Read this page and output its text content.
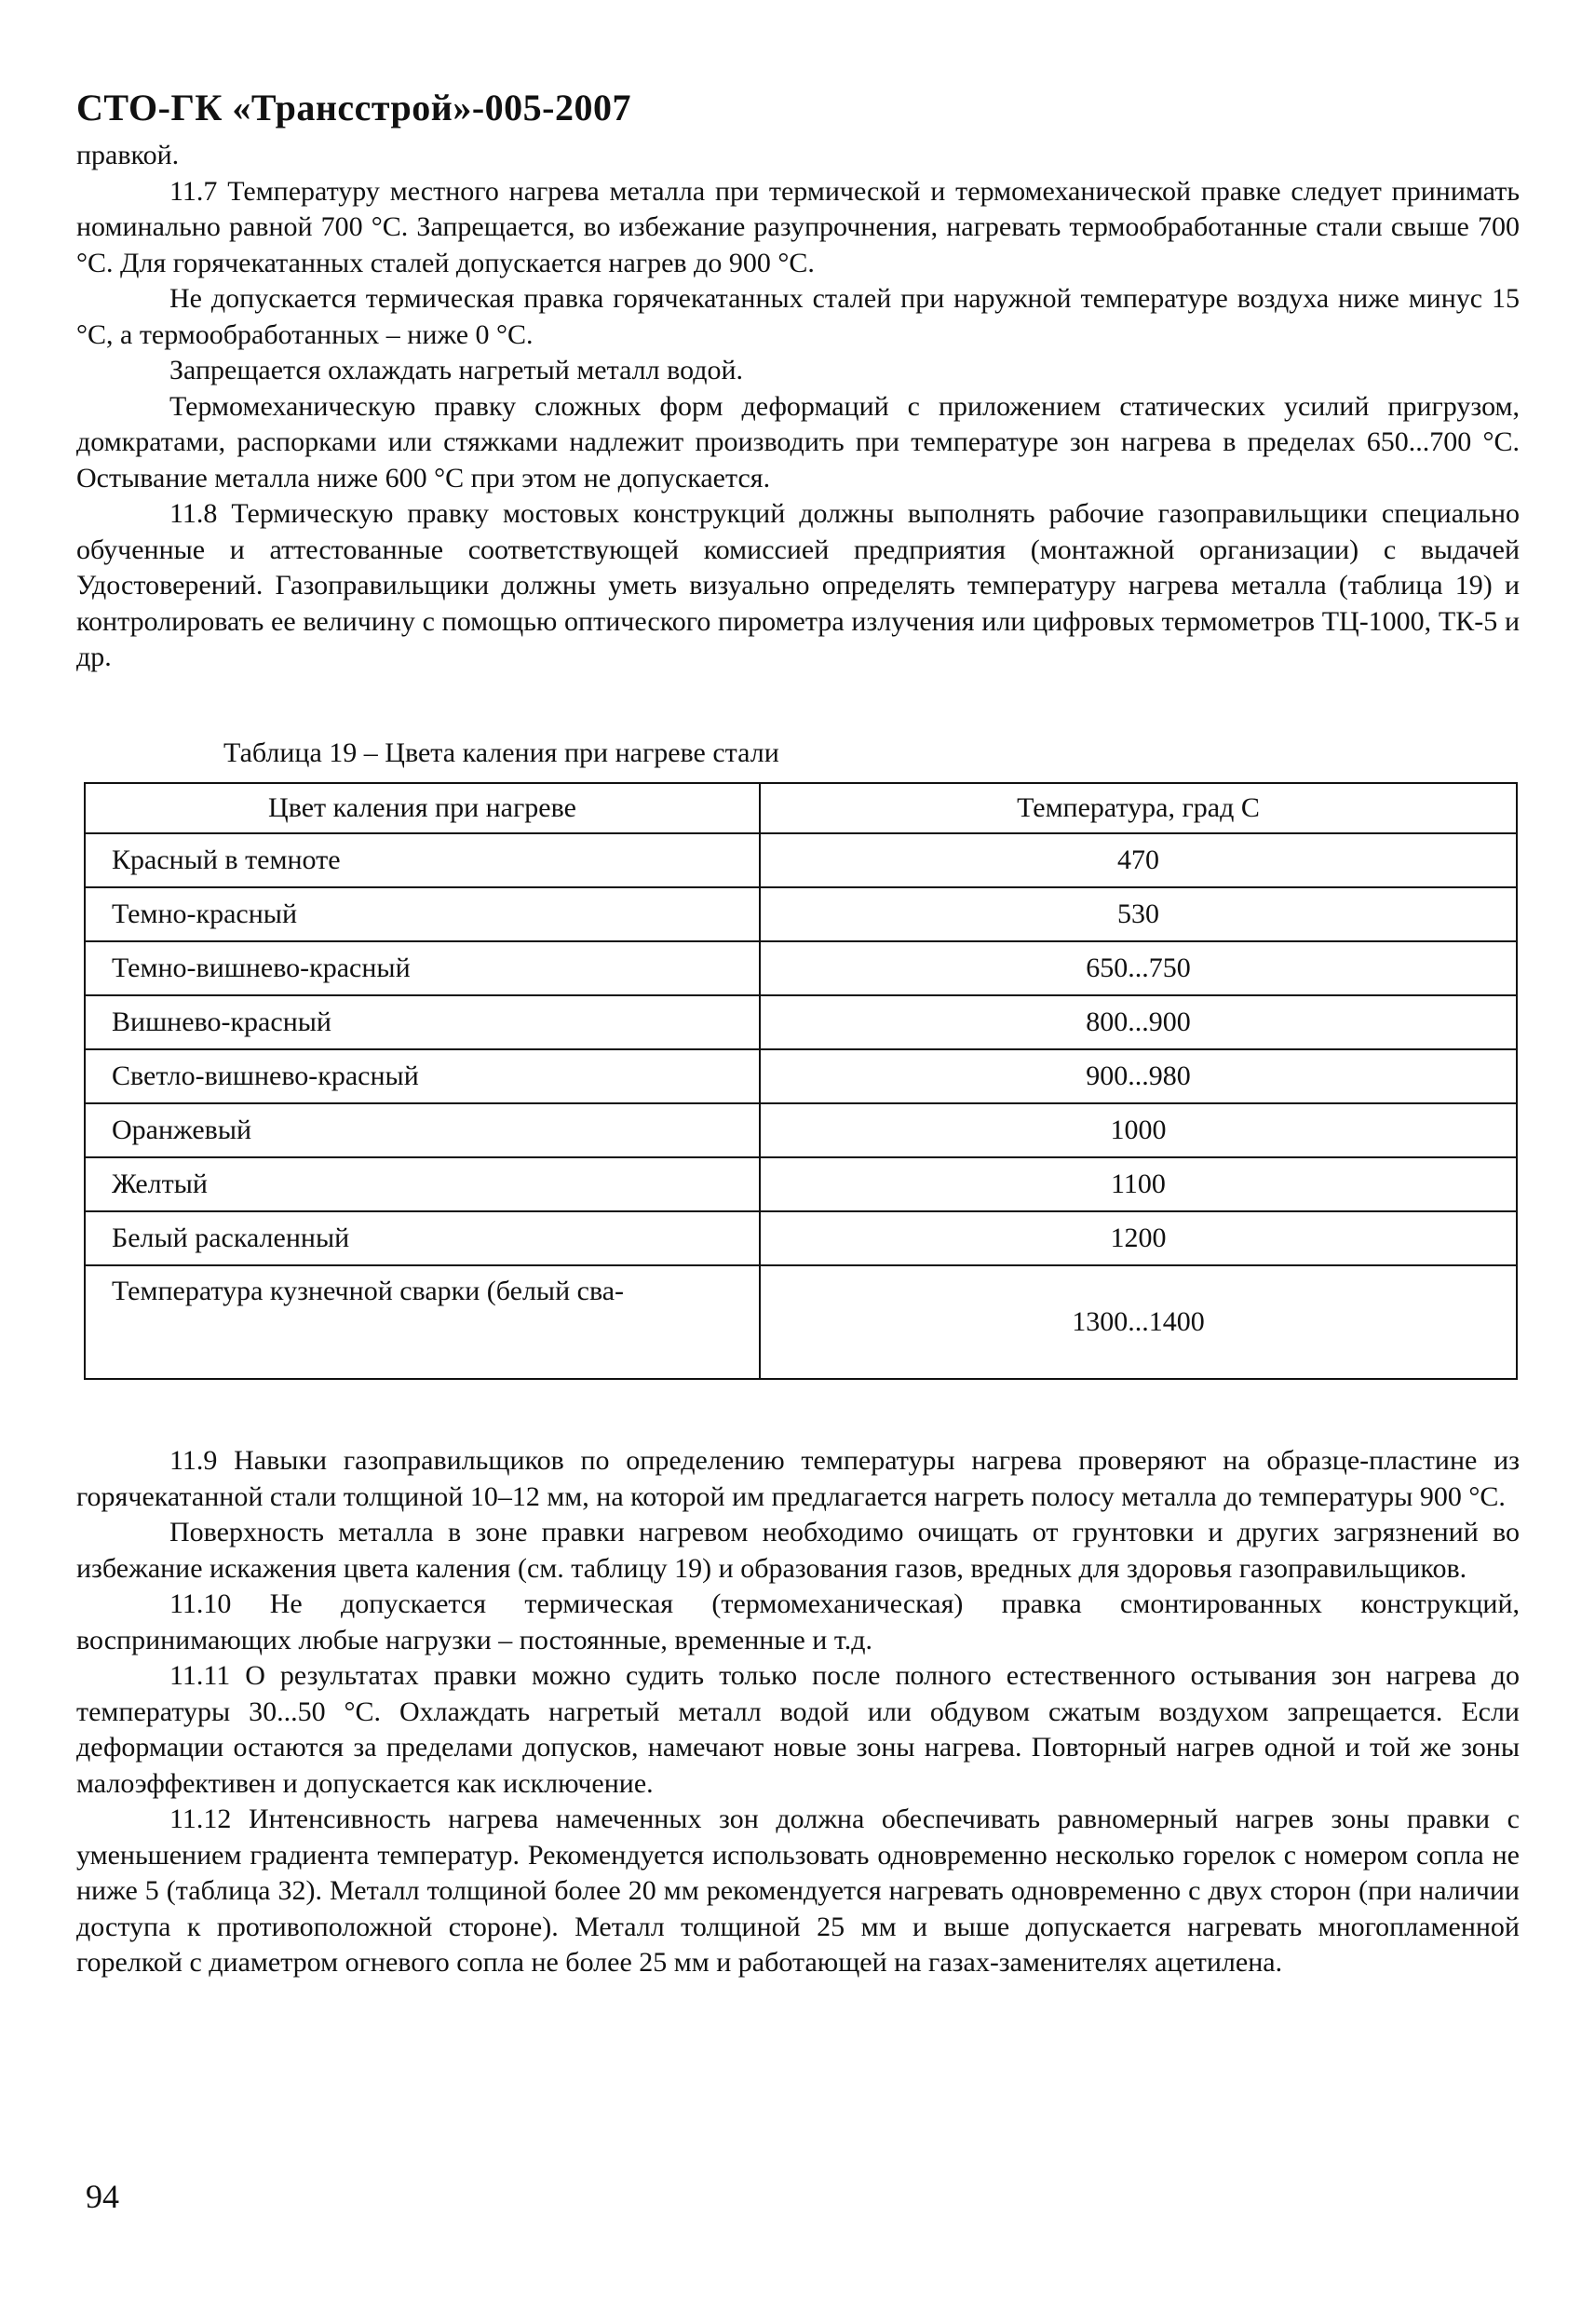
СТО-ГК «Трансстрой»-005-2007

правкой.

11.7 Температуру местного нагрева металла при термической и термомеханической правке следует принимать номинально равной 700 °С. Запрещается, во избежание разупрочнения, нагревать термообработанные стали свыше 700 °С. Для горячекатанных сталей допускается нагрев до 900 °С.

Не допускается термическая правка горячекатанных сталей при наружной температуре воздуха ниже минус 15 °С, а термообработанных – ниже 0 °С.

Запрещается охлаждать нагретый металл водой.

Термомеханическую правку сложных форм деформаций с приложением статических усилий пригрузом, домкратами, распорками или стяжками надлежит производить при температуре зон нагрева в пределах 650...700 °С. Остывание металла ниже 600 °С при этом не допускается.

11.8 Термическую правку мостовых конструкций должны выполнять рабочие газоправильщики специально обученные и аттестованные соответствующей комиссией предприятия (монтажной организации) с выдачей Удостоверений. Газоправильщики должны уметь визуально определять температуру нагрева металла (таблица 19) и контролировать ее величину с помощью оптического пирометра излучения или цифровых термометров ТЦ-1000, ТК-5 и др.

Таблица 19 – Цвета каления при нагреве стали
Цвет каления при нагреве	Температура, град С
Красный в темноте	470
Темно-красный	530
Темно-вишнево-красный	650...750
Вишнево-красный	800...900
Светло-вишнево-красный	900...980
Оранжевый	1000
Желтый	1100
Белый раскаленный	1200
Температура кузнечной сварки (белый сва-	1300...1400

11.9 Навыки газоправильщиков по определению температуры нагрева проверяют на образце-пластине из горячекатанной стали толщиной 10–12 мм, на которой им предлагается нагреть полосу металла до температуры 900 °С.

Поверхность металла в зоне правки нагревом необходимо очищать от грунтовки и других загрязнений во избежание искажения цвета каления (см. таблицу 19) и образования газов, вредных для здоровья газоправильщиков.

11.10 Не допускается термическая (термомеханическая) правка смонтированных конструкций, воспринимающих любые нагрузки – постоянные, временные и т.д.

11.11 О результатах правки можно судить только после полного естественного остывания зон нагрева до температуры 30...50 °С. Охлаждать нагретый металл водой или обдувом сжатым воздухом запрещается. Если деформации остаются за пределами допусков, намечают новые зоны нагрева. Повторный нагрев одной и той же зоны малоэффективен и допускается как исключение.

11.12 Интенсивность нагрева намеченных зон должна обеспечивать равномерный нагрев зоны правки с уменьшением градиента температур. Рекомендуется использовать одновременно несколько горелок с номером сопла не ниже 5 (таблица 32). Металл толщиной более 20 мм рекомендуется нагревать одновременно с двух сторон (при наличии доступа к противоположной стороне). Металл толщиной 25 мм и выше допускается нагревать многопламенной горелкой с диаметром огневого сопла не более 25 мм и работающей на газах-заменителях ацетилена.

94
